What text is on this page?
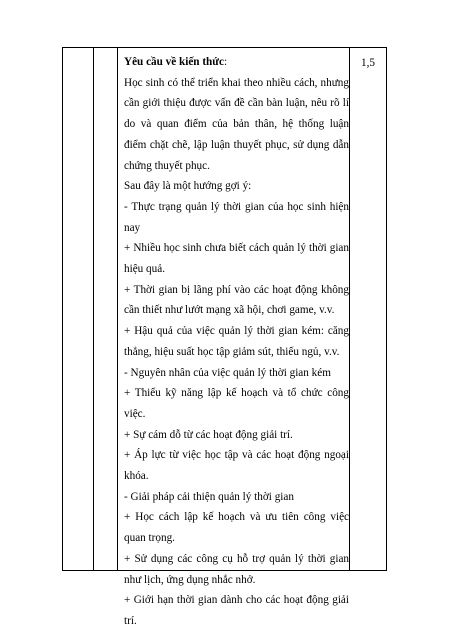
Yêu cầu về kiến thức:

Học sinh có thể triển khai theo nhiều cách, nhưng cần giới thiệu được vấn đề cần bàn luận, nêu rõ lí do và quan điểm của bản thân, hệ thống luận điểm chặt chẽ, lập luận thuyết phục, sử dụng dẫn chứng thuyết phục.

Sau đây là một hướng gợi ý:

- Thực trạng quản lý thời gian của học sinh hiện nay

+ Nhiều học sinh chưa biết cách quản lý thời gian hiệu quả.

+ Thời gian bị lãng phí vào các hoạt động không cần thiết như lướt mạng xã hội, chơi game, v.v.

+ Hậu quả của việc quản lý thời gian kém: căng thẳng, hiệu suất học tập giảm sút, thiếu ngủ, v.v.

- Nguyên nhân của việc quản lý thời gian kém

+ Thiếu kỹ năng lập kế hoạch và tổ chức công việc.

+ Sự cám dỗ từ các hoạt động giải trí.

+ Áp lực từ việc học tập và các hoạt động ngoại khóa.

- Giải pháp cải thiện quản lý thời gian

+ Học cách lập kế hoạch và ưu tiên công việc quan trọng.

+ Sử dụng các công cụ hỗ trợ quản lý thời gian như lịch, ứng dụng nhắc nhở.

+ Giới hạn thời gian dành cho các hoạt động giải trí.

1,5
